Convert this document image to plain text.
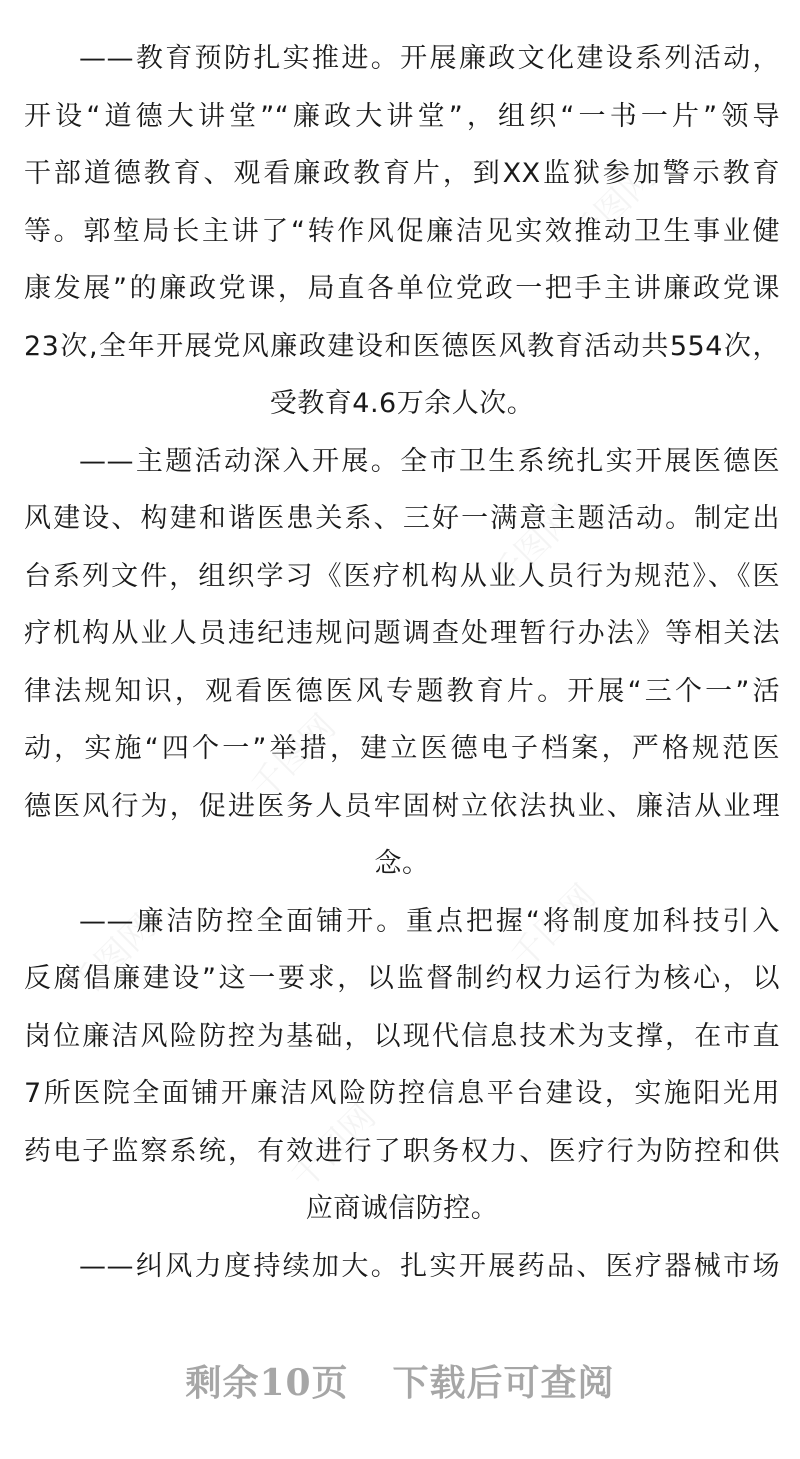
——教育预防扎实推进。开展廉政文化建设系列活动，
开设“道德大讲堂”“廉政大讲堂”，组织“一书一片”领导
干部道德教育、观看廉政教育片，到XX监狱参加警示教育
等。郭堏局长主讲了“转作风促廉洁见实效推动卫生事业健
康发展”的廉政党课，局直各单位党政一把手主讲廉政党课
23次,全年开展党风廉政建设和医德医风教育活动共554次，
受教育4.6万余人次。
——主题活动深入开展。全市卫生系统扎实开展医德医
风建设、构建和谐医患关系、三好一满意主题活动。制定出
台系列文件，组织学习《医疗机构从业人员行为规范》、《医
疗机构从业人员违纪违规问题调查处理暂行办法》等相关法
律法规知识，观看医德医风专题教育片。开展“三个一”活
动，实施“四个一”举措，建立医德电子档案，严格规范医
德医风行为，促进医务人员牢固树立依法执业、廉洁从业理
念。
——廉洁防控全面铺开。重点把握“将制度加科技引入
反腐倡廉建设”这一要求，以监督制约权力运行为核心，以
岗位廉洁风险防控为基础，以现代信息技术为支撑，在市直
7所医院全面铺开廉洁风险防控信息平台建设，实施阳光用
药电子监察系统，有效进行了职务权力、医疗行为防控和供
应商诚信防控。
——纠风力度持续加大。扎实开展药品、医疗器械市场
剩余10页 下载后可查阅
